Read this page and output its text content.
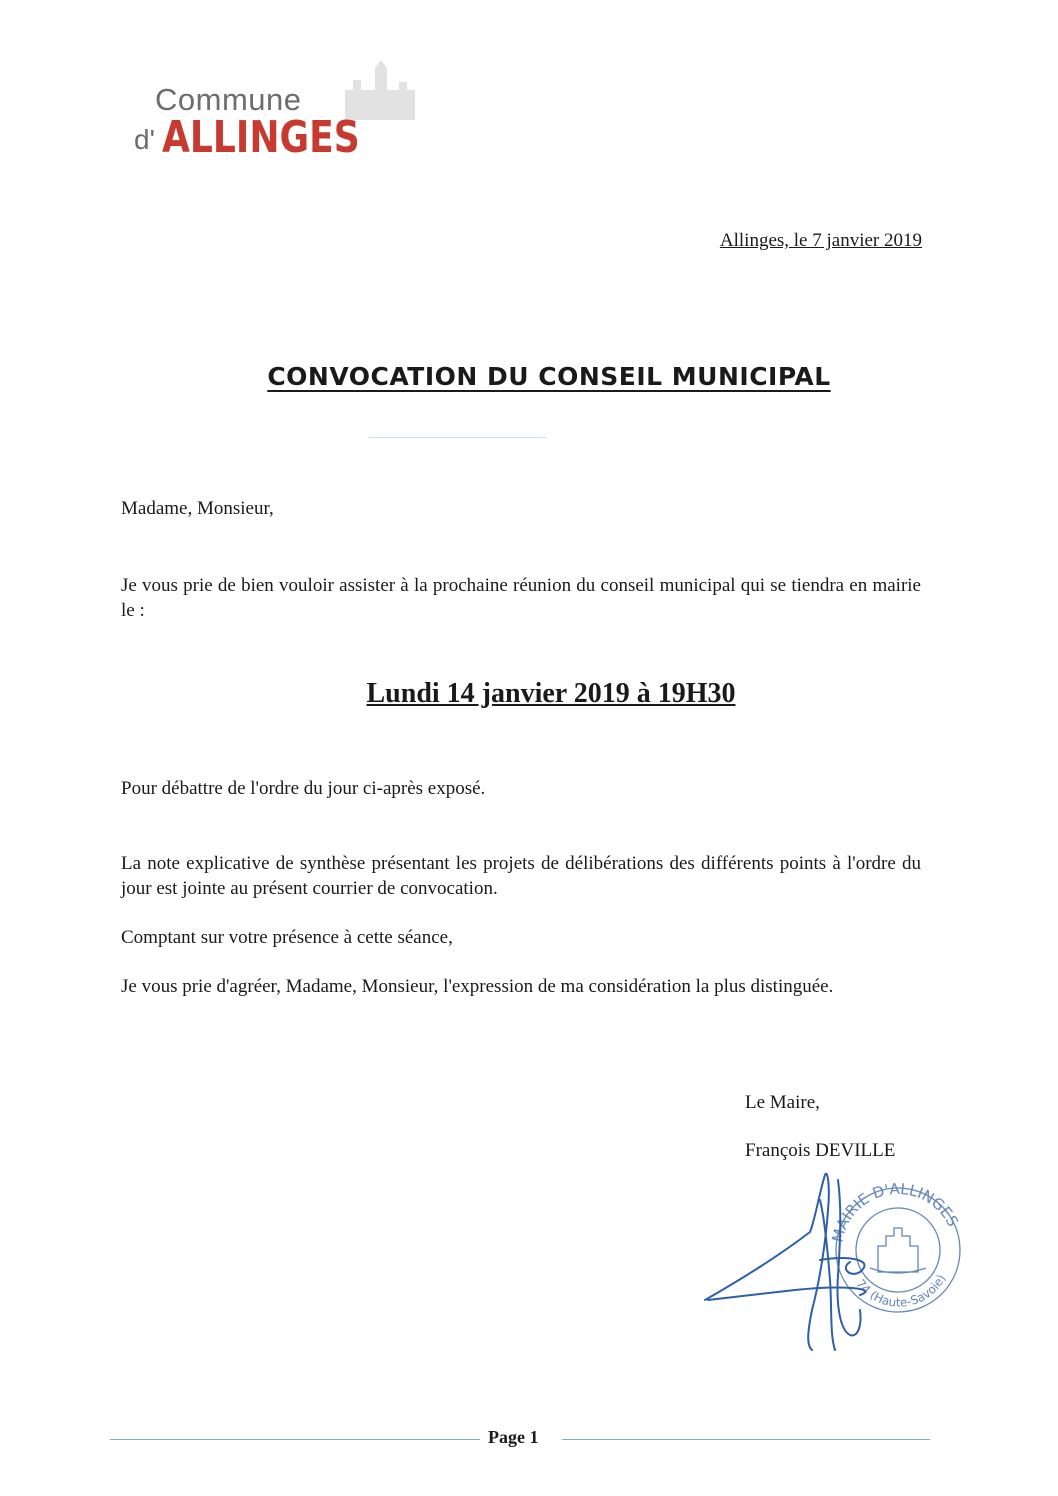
Commune
d' ALLINGES
Allinges, le 7 janvier 2019
CONVOCATION DU CONSEIL MUNICIPAL
Madame, Monsieur,
Je vous prie de bien vouloir assister à la prochaine réunion du conseil municipal qui se tiendra en mairie le :
Lundi 14 janvier 2019 à 19H30
Pour débattre de l'ordre du jour ci-après exposé.
La note explicative de synthèse présentant les projets de délibérations des différents points à l'ordre du jour est jointe au présent courrier de convocation.
Comptant sur votre présence à cette séance,
Je vous prie d'agréer, Madame, Monsieur, l'expression de ma considération la plus distinguée.
Le Maire,
François DEVILLE
MAIRIE D'ALLINGES
74 (Haute-Savoie)
Page 1
